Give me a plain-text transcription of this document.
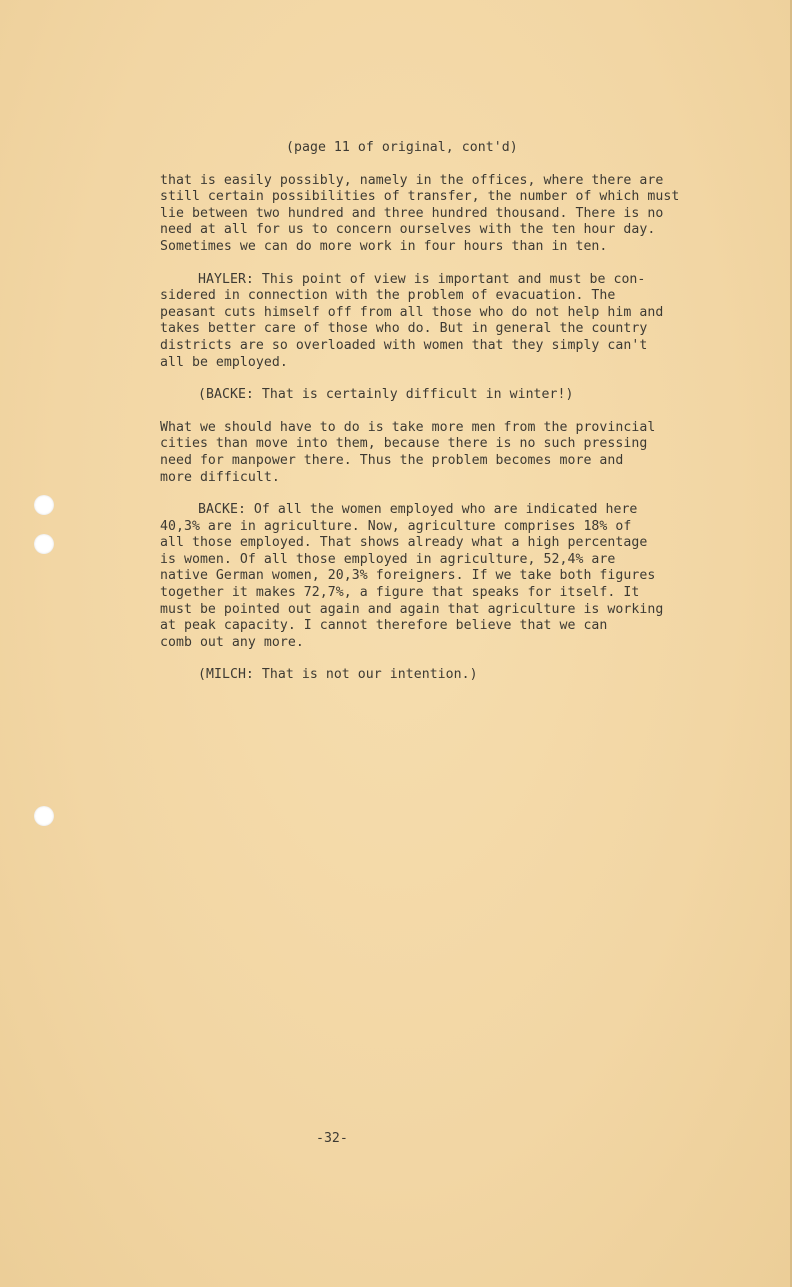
(page 11 of original, cont'd)

that is easily possibly, namely in the offices, where there are
still certain possibilities of transfer, the number of which must
lie between two hundred and three hundred thousand. There is no
need at all for us to concern ourselves with the ten hour day.
Sometimes we can do more work in four hours than in ten.

HAYLER: This point of view is important and must be con-
sidered in connection with the problem of evacuation. The
peasant cuts himself off from all those who do not help him and
takes better care of those who do. But in general the country
districts are so overloaded with women that they simply can't
all be employed.

(BACKE: That is certainly difficult in winter!)

What we should have to do is take more men from the provincial
cities than move into them, because there is no such pressing
need for manpower there. Thus the problem becomes more and
more difficult.

BACKE: Of all the women employed who are indicated here
40,3% are in agriculture. Now, agriculture comprises 18% of
all those employed. That shows already what a high percentage
is women. Of all those employed in agriculture, 52,4% are
native German women, 20,3% foreigners. If we take both figures
together it makes 72,7%, a figure that speaks for itself. It
must be pointed out again and again that agriculture is working
at peak capacity. I cannot therefore believe that we can
comb out any more.

(MILCH: That is not our intention.)

-32-
